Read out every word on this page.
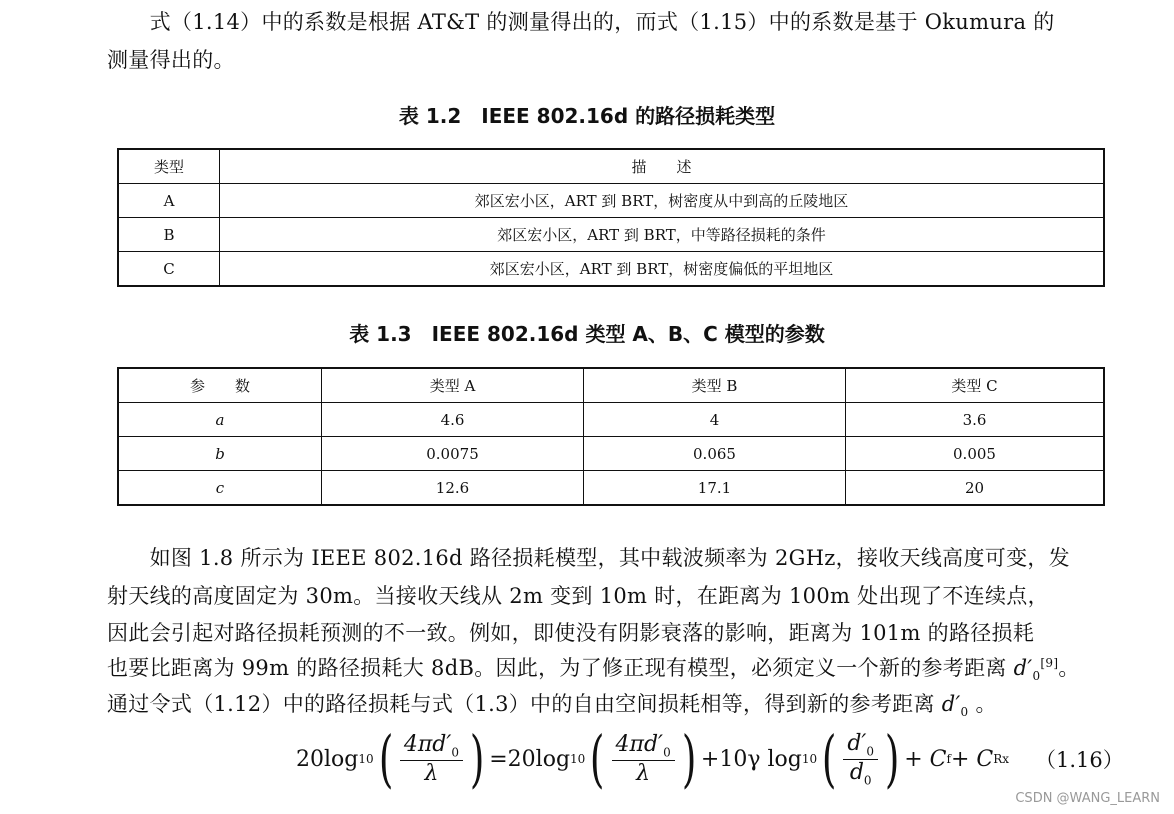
　　式（1.14）中的系数是根据 AT&T 的测量得出的，而式（1.15）中的系数是基于 Okumura 的
测量得出的。
表 1.2　IEEE 802.16d 的路径损耗类型
类型	描　　述
A	郊区宏小区，ART 到 BRT，树密度从中到高的丘陵地区
B	郊区宏小区，ART 到 BRT，中等路径损耗的条件
C	郊区宏小区，ART 到 BRT，树密度偏低的平坦地区
表 1.3　IEEE 802.16d 类型 A、B、C 模型的参数
参　　数	类型 A	类型 B	类型 C
a	4.6	4	3.6
b	0.0075	0.065	0.005
c	12.6	17.1	20
　　如图 1.8 所示为 IEEE 802.16d 路径损耗模型，其中载波频率为 2GHz，接收天线高度可变，发
射天线的高度固定为 30m。当接收天线从 2m 变到 10m 时，在距离为 100m 处出现了不连续点，
因此会引起对路径损耗预测的不一致。例如，即使没有阴影衰落的影响，距离为 101m 的路径损耗
也要比距离为 99m 的路径损耗大 8dB。因此，为了修正现有模型，必须定义一个新的参考距离 $d'_0[9]$。
通过令式（1.12）中的路径损耗与式（1.3）中的自由空间损耗相等，得到新的参考距离 $d'_0$ 。
20log 10 ( $\frac{4\pi d'_0}{\lambda}$ ) = 20log 10 ( $\frac{4\pi d'_0}{\lambda}$ ) +10γ log 10 ( $\frac{d'_0}{d_0}$ ) + C f + C Rx （1.16）
CSDN @WANG_LEARN
